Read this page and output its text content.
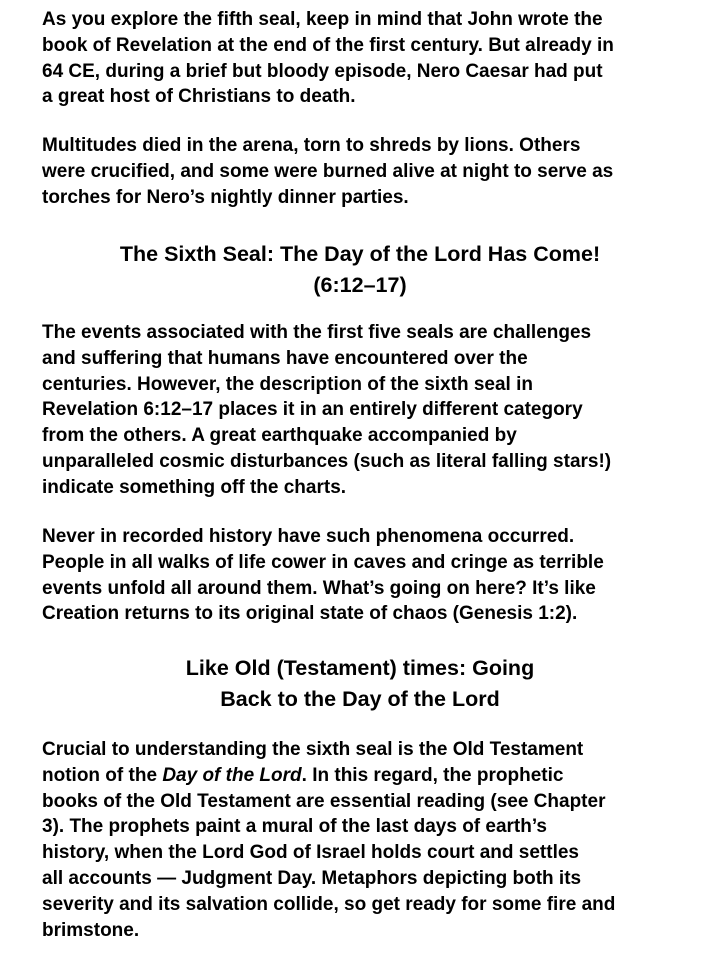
As you explore the fifth seal, keep in mind that John wrote the
book of Revelation at the end of the first century. But already in
64 CE, during a brief but bloody episode, Nero Caesar had put
a great host of Christians to death.
Multitudes died in the arena, torn to shreds by lions. Others
were crucified, and some were burned alive at night to serve as
torches for Nero’s nightly dinner parties.
The Sixth Seal: The Day of the Lord Has Come!
(6:12–17)
The events associated with the first five seals are challenges
and suffering that humans have encountered over the
centuries. However, the description of the sixth seal in
Revelation 6:12–17 places it in an entirely different category
from the others. A great earthquake accompanied by
unparalleled cosmic disturbances (such as literal falling stars!)
indicate something off the charts.
Never in recorded history have such phenomena occurred.
People in all walks of life cower in caves and cringe as terrible
events unfold all around them. What’s going on here? It’s like
Creation returns to its original state of chaos (Genesis 1:2).
Like Old (Testament) times: Going
Back to the Day of the Lord
Crucial to understanding the sixth seal is the Old Testament
notion of the Day of the Lord. In this regard, the prophetic
books of the Old Testament are essential reading (see Chapter
3). The prophets paint a mural of the last days of earth’s
history, when the Lord God of Israel holds court and settles
all accounts — Judgment Day. Metaphors depicting both its
severity and its salvation collide, so get ready for some fire and
brimstone.
